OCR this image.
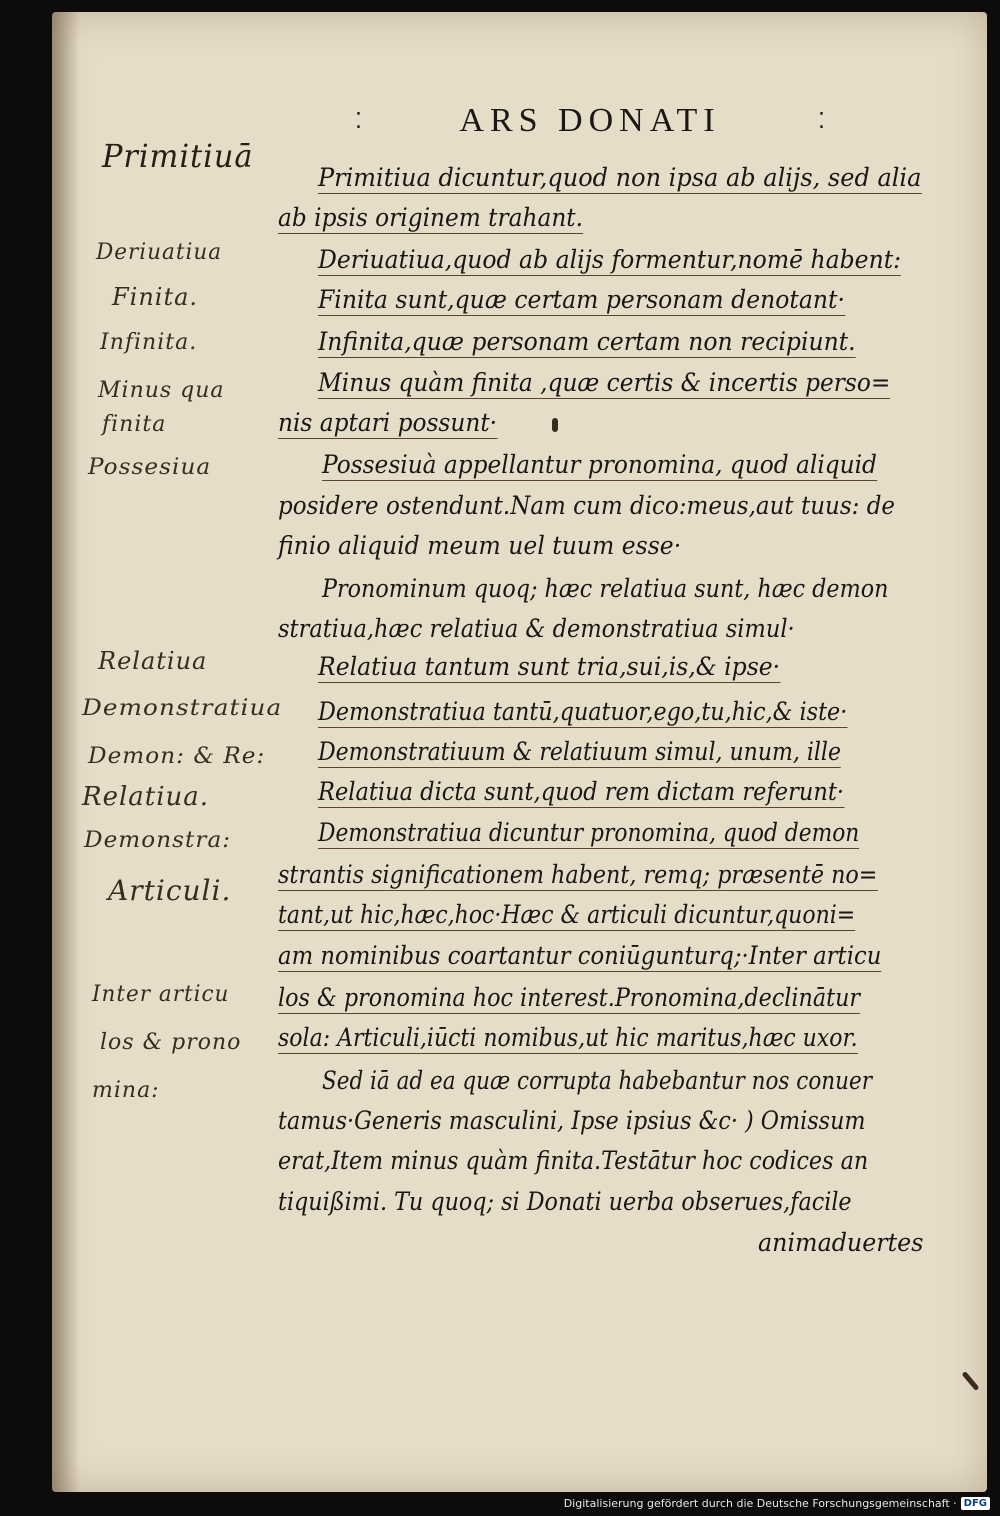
⁚	ARS DONATI	⁚
Primitiua dicuntur,quod non ipsa ab alijs, sed alia
ab ipsis originem trahant.
Deriuatiua,quod ab alijs formentur,nomē habent:
Finita sunt,quæ certam personam denotant·
Infinita,quæ personam certam non recipiunt.
Minus quàm finita ,quæ certis & incertis perso=
nis aptari possunt·
Possesiuà appellantur pronomina, quod aliquid
posidere ostendunt.Nam cum dico:meus,aut tuus: de
finio aliquid meum uel tuum esse·
Pronominum quoq; hæc relatiua sunt, hæc demon
stratiua,hæc relatiua & demonstratiua simul·
Relatiua tantum sunt tria,sui,is,& ipse·
Demonstratiua tantū,quatuor,ego,tu,hic,& iste·
Demonstratiuum & relatiuum simul, unum, ille
Relatiua dicta sunt,quod rem dictam referunt·
Demonstratiua dicuntur pronomina, quod demon
strantis significationem habent, remq; præsentē no=
tant,ut hic,hæc,hoc·Hæc & articuli dicuntur,quoni=
am nominibus coartantur coniūgunturq;·Inter articu
los & pronomina hoc interest.Pronomina,declinātur
sola: Articuli,iūcti nomibus,ut hic maritus,hæc uxor.
Sed iā ad ea quæ corrupta habebantur nos conuer
tamus·Generis masculini, Ipse ipsius &c· ) Omissum
erat,Item minus quàm finita.Testātur hoc codices an
tiquißimi. Tu quoq; si Donati uerba obserues,facile
animaduertes
Primitiuā
Deriuatiua
Finita.
Infinita.
Minus qua
finita
Possesiua
Relatiua
Demonstratiua
Demon: & Re:
Relatiua.
Demonstra:
Articuli.
Inter articu
los & prono
mina:
Digitalisierung gefördert durch die Deutsche Forschungsgemeinschaft · DFG
